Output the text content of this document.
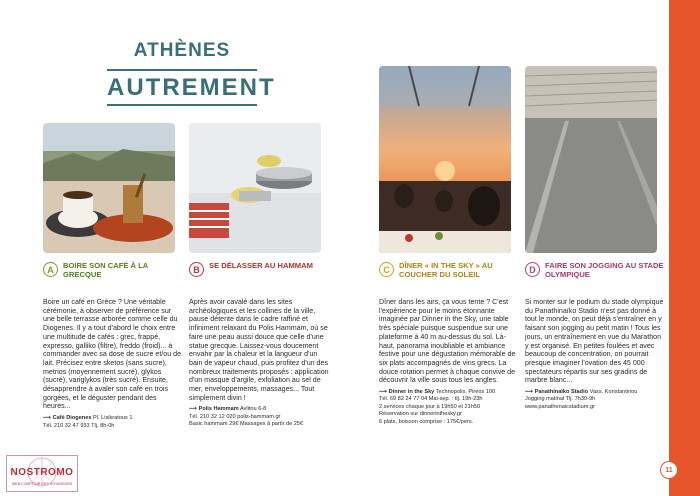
ATHÈNES
AUTREMENT
A	BOIRE SON CAFÉ À LA GRECQUE
Boire un café en Grèce ? Une véritable cérémonie, à observer de préférence sur une belle terrasse arborée comme celle du Diogenes. Il y a tout d'abord le choix entre une multitude de cafés : grec, frappé, expresso, galliko (filtre), freddo (froid)... à commander avec sa dose de sucre et/ou de lait. Précisez entre sketos (sans sucre), metrios (moyennement sucré), glykos (sucré), variglykos (très sucré). Ensuite, désapprendre à avaler son café en trois gorgées, et le déguster pendant des heures...
⟶ Café Diogenes Pl. Lisikratous 1
Tél. 210 32 47 933 Tlj. 8h-0h
B	SE DÉLASSER AU HAMMAM
Après avoir cavalé dans les sites archéologiques et les collines de la ville, pause détente dans le cadre raffiné et infiniment relaxant du Polis Hammam, où se faire une peau aussi douce que celle d'une statue grecque. Laissez-vous doucement envahir par la chaleur et la langueur d'un bain de vapeur chaud, puis profitez d'un des nombreux traitements proposés : application d'un masque d'argile, exfoliation au sel de mer, enveloppements, massages... Tout simplement divin !
⟶ Polis Hammam Avlitou 6-8
Tél. 210 32 12 020 polis-hammam.gr
Basic hammam 29€ Massages à partir de 25€
C	DÎNER « IN THE SKY » AU COUCHER DU SOLEIL
Dîner dans les airs, ça vous tente ? C'est l'expérience pour le moins étonnante imaginée par Dinner in the Sky, une table très spéciale puisque suspendue sur une plateforme à 40 m au-dessus du sol. Là-haut, panorama inoubliable et ambiance festive pour une dégustation mémorable de six plats accompagnés de vins grecs. La douce rotation permet à chaque convive de découvrir la ville sous tous les angles.
⟶ Dinner in the Sky Technopolis, Pireos 100
Tél. 69 82 24 77 04 Mai-sep. : tlj. 19h-23h
2 services chaque jour à 19h50 et 21h50
Réservation sur dinnerinthesky.gr
6 plats, boisson comprise : 175€/pers.
D	FAIRE SON JOGGING AU STADE OLYMPIQUE
Si monter sur le podium du stade olympique du Panathinaïko Stadio n'est pas donné à tout le monde, on peut déjà s'entraîner en y faisant son jogging au petit matin ! Tous les jours, un entraînement en vue du Marathon y est organisé. En petites foulées et avec beaucoup de concentration, on pourrait presque imaginer l'ovation des 45 000 spectateurs répartis sur ses gradins de marbre blanc...
⟶ Panathinaïko Stadio Vass. Konstantinou
Jogging matinal Tlj. 7h30-9h
www.panathenaicstadium.gr
NOSTROMO
WEB COMPTOIR DES VOYAGEURS
11
